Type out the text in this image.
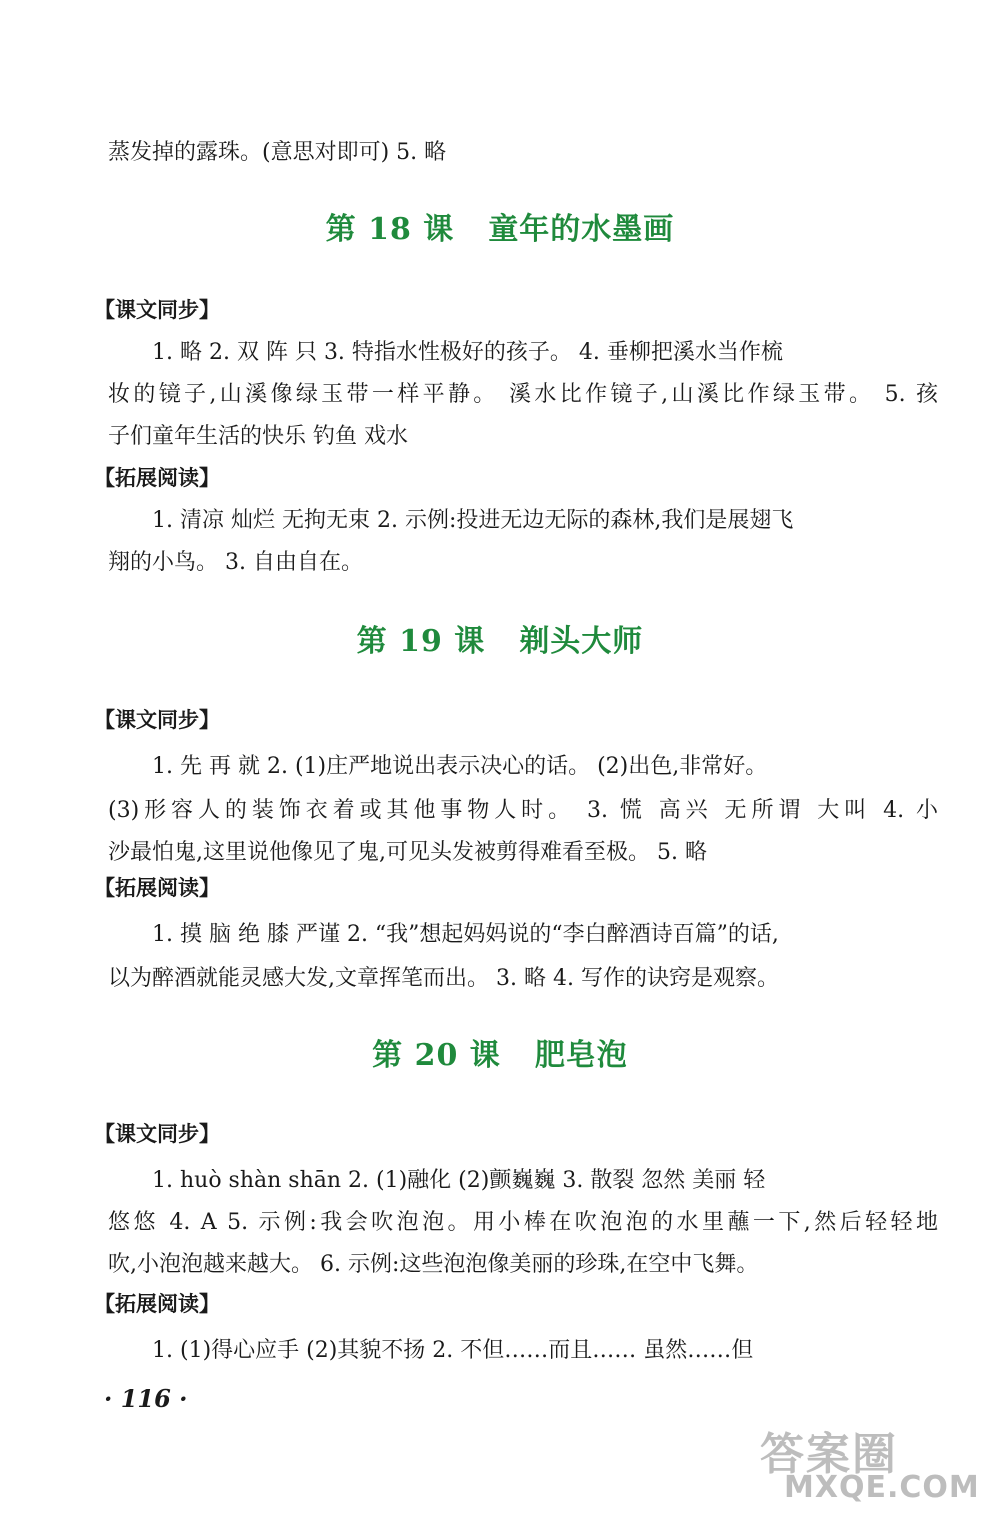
蒸发掉的露珠。(意思对即可) 5. 略
第 18 课 童年的水墨画
【课文同步】
1. 略 2. 双 阵 只 3. 特指水性极好的孩子。 4. 垂柳把溪水当作梳
妆的镜子,山溪像绿玉带一样平静。 溪水比作镜子,山溪比作绿玉带。 5. 孩
子们童年生活的快乐 钓鱼 戏水
【拓展阅读】
1. 清凉 灿烂 无拘无束 2. 示例:投进无边无际的森林,我们是展翅飞
翔的小鸟。 3. 自由自在。
第 19 课 剃头大师
【课文同步】
1. 先 再 就 2. (1)庄严地说出表示决心的话。 (2)出色,非常好。
(3)形容人的装饰衣着或其他事物人时。 3. 慌 高兴 无所谓 大叫 4. 小
沙最怕鬼,这里说他像见了鬼,可见头发被剪得难看至极。 5. 略
【拓展阅读】
1. 摸 脑 绝 膝 严谨 2. “我”想起妈妈说的“李白醉酒诗百篇”的话,
以为醉酒就能灵感大发,文章挥笔而出。 3. 略 4. 写作的诀窍是观察。
第 20 课 肥皂泡
【课文同步】
1. huò shàn shān 2. (1)融化 (2)颤巍巍 3. 散裂 忽然 美丽 轻
悠悠 4. A 5. 示例:我会吹泡泡。用小棒在吹泡泡的水里蘸一下,然后轻轻地
吹,小泡泡越来越大。 6. 示例:这些泡泡像美丽的珍珠,在空中飞舞。
【拓展阅读】
1. (1)得心应手 (2)其貌不扬 2. 不但……而且…… 虽然……但
· 116 ·
答案圈
MXQE.COM
